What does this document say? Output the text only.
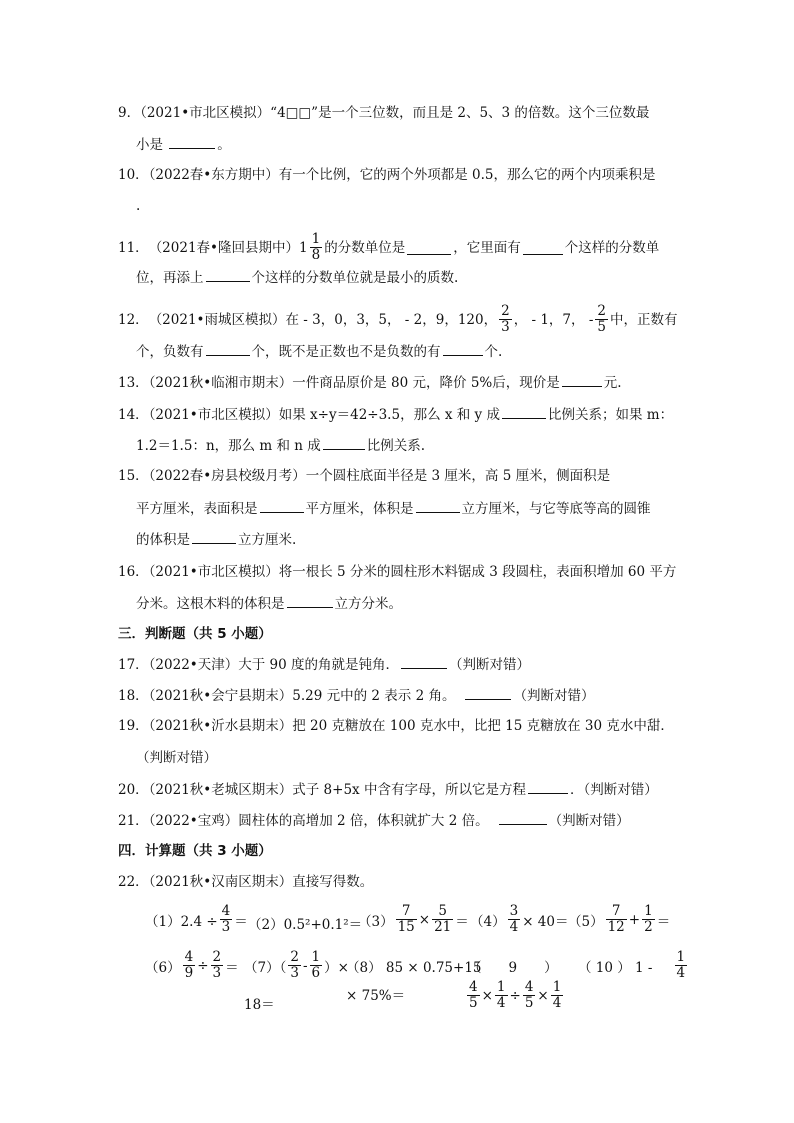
9．（2021•市北区模拟）“4□□”是一个三位数，而且是 2、5、3 的倍数。这个三位数最
小是	。
10．（2022春•东方期中）有一个比例，它的两个外项都是 0.5，那么它的两个内项乘积是
.
11． （2021春•隆回县期中） $1 \frac{1}{8}$ 的分数单位是	，它里面有	个这样的分数单
位，再添上	个这样的分数单位就是最小的质数.
12． （2021•雨城区模拟） 在 - 3，0，3，5， - 2，9，120， $\frac{2}{3}$ ， - 1，7， - $\frac{2}{5}$ 中，正数有
个，负数有	个，既不是正数也不是负数的有	个.
13．（2021秋•临湘市期末）一件商品原价是 80 元，降价 5%后，现价是	元.
14．（2021•市北区模拟）如果 x÷y＝42÷3.5，那么 x 和 y 成	比例关系；如果 m：
1.2＝1.5：n，那么 m 和 n 成	比例关系.
15．（2022春•房县校级月考）一个圆柱底面半径是 3 厘米，高 5 厘米，侧面积是
平方厘米，表面积是	平方厘米，体积是	立方厘米，与它等底等高的圆锥
的体积是	立方厘米.
16．（2021•市北区模拟）将一根长 5 分米的圆柱形木料锯成 3 段圆柱，表面积增加 60 平方
分米。这根木料的体积是	立方分米。
三．判断题（共 5 小题）
17．（2022•天津）大于 90 度的角就是钝角．	（判断对错）
18．（2021秋•会宁县期末）5.29 元中的 2 表示 2 角。	（判断对错）
19．（2021秋•沂水县期末）把 20 克糖放在 100 克水中，比把 15 克糖放在 30 克水中甜．
（判断对错）
20．（2021秋•老城区期末）式子 8+5x 中含有字母，所以它是方程	．（判断对错）
21．（2022•宝鸡）圆柱体的高增加 2 倍，体积就扩大 2 倍。	（判断对错）
四．计算题（共 3 小题）
22．（2021秋•汉南区期末）直接写得数。
$(1)2.4 \div \frac{4}{3} = (2)0.5^2+0.1^2=$
$(3) \frac{7}{15} \times \frac{5}{21} = (4) \frac{3}{4} \times 40= (5) \frac{7}{12} + \frac{1}{2}$ ＝
$(6) \frac{4}{9} \div \frac{2}{3} = (7)( \frac{2}{3} - \frac{1}{6}$ ）×
18＝
（8） 85 × 0.75+15
× 75%＝
（　　9　　）
$\frac{4}{5} \times \frac{1}{4} \div \frac{4}{5} \times \frac{1}{4}$
（ 10 ） $1 - \frac{1}{4}$
